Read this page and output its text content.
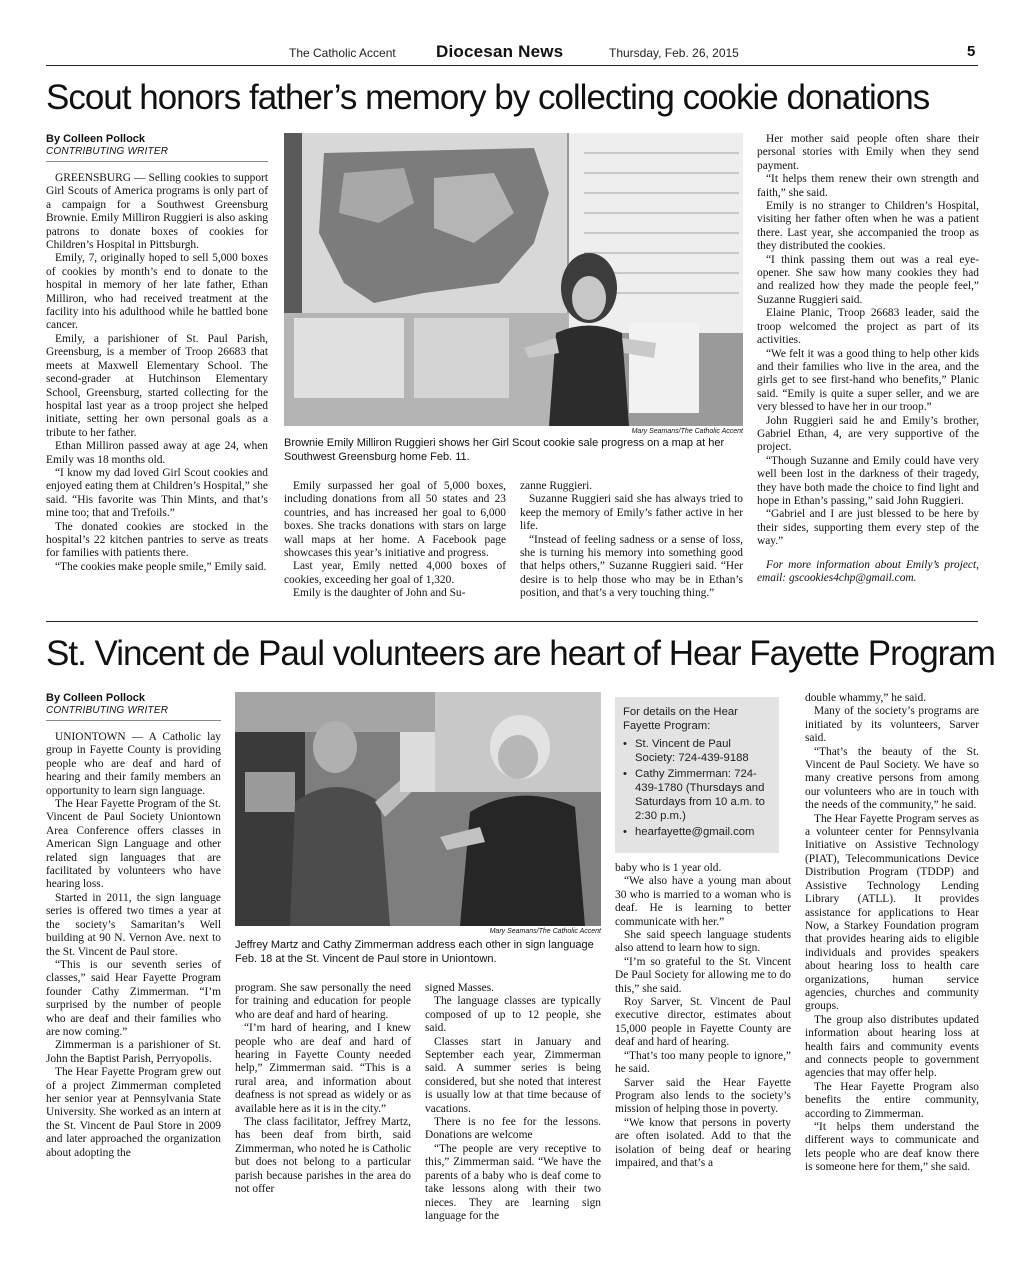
The Catholic Accent Diocesan News	Thursday, Feb. 26, 2015	5
Scout honors father’s memory by collecting cookie donations
By Colleen Pollock
CONTRIBUTING WRITER

GREENSBURG — Selling cookies to support Girl Scouts of America programs is only part of a campaign for a Southwest Greensburg Brownie. Emily Milliron Ruggieri is also asking patrons to donate boxes of cookies for Children’s Hospital in Pittsburgh.

Emily, 7, originally hoped to sell 5,000 boxes of cookies by month’s end to donate to the hospital in memory of her late father, Ethan Milliron, who had received treatment at the facility into his adulthood while he battled bone cancer.

Emily, a parishioner of St. Paul Parish, Greensburg, is a member of Troop 26683 that meets at Maxwell Elementary School. The second-grader at Hutchinson Elementary School, Greensburg, started collecting for the hospital last year as a troop project she helped initiate, setting her own personal goals as a tribute to her father.

Ethan Milliron passed away at age 24, when Emily was 18 months old.

“I know my dad loved Girl Scout cookies and enjoyed eating them at Children’s Hospital,” she said. “His favorite was Thin Mints, and that’s mine too; that and Trefoils.”

The donated cookies are stocked in the hospital’s 22 kitchen pantries to serve as treats for families with patients there.

“The cookies make people smile,” Emily said.

Mary Seamans/The Catholic Accent
Brownie Emily Milliron Ruggieri shows her Girl Scout cookie sale progress on a map at her Southwest Greensburg home Feb. 11.

Emily surpassed her goal of 5,000 boxes, including donations from all 50 states and 23 countries, and has increased her goal to 6,000 boxes. She tracks donations with stars on large wall maps at her home. A Facebook page showcases this year’s initiative and progress.

Last year, Emily netted 4,000 boxes of cookies, exceeding her goal of 1,320.

Emily is the daughter of John and Su-

zanne Ruggieri.

Suzanne Ruggieri said she has always tried to keep the memory of Emily’s father active in her life.

“Instead of feeling sadness or a sense of loss, she is turning his memory into something good that helps others,” Suzanne Ruggieri said. “Her desire is to help those who may be in Ethan’s position, and that’s a very touching thing.”

Her mother said people often share their personal stories with Emily when they send payment.

“It helps them renew their own strength and faith,” she said.

Emily is no stranger to Children’s Hospital, visiting her father often when he was a patient there. Last year, she accompanied the troop as they distributed the cookies.

“I think passing them out was a real eye-opener. She saw how many cookies they had and realized how they made the people feel,” Suzanne Ruggieri said.

Elaine Planic, Troop 26683 leader, said the troop welcomed the project as part of its activities.

“We felt it was a good thing to help other kids and their families who live in the area, and the girls get to see first-hand who benefits,” Planic said. “Emily is quite a super seller, and we are very blessed to have her in our troop.”

John Ruggieri said he and Emily’s brother, Gabriel Ethan, 4, are very supportive of the project.

“Though Suzanne and Emily could have very well been lost in the darkness of their tragedy, they have both made the choice to find light and hope in Ethan’s passing,” said John Ruggieri.

“Gabriel and I are just blessed to be here by their sides, supporting them every step of the way.”

For more information about Emily’s project, email: gscookies4chp@gmail.com.

St. Vincent de Paul volunteers are heart of Hear Fayette Program
By Colleen Pollock
CONTRIBUTING WRITER

UNIONTOWN — A Catholic lay group in Fayette County is providing people who are deaf and hard of hearing and their family members an opportunity to learn sign language.

The Hear Fayette Program of the St. Vincent de Paul Society Uniontown Area Conference offers classes in American Sign Language and other related sign languages that are facilitated by volunteers who have hearing loss.

Started in 2011, the sign language series is offered two times a year at the society’s Samaritan’s Well building at 90 N. Vernon Ave. next to the St. Vincent de Paul store.

“This is our seventh series of classes,” said Hear Fayette Program founder Cathy Zimmerman. “I’m surprised by the number of people who are deaf and their families who are now coming.”

Zimmerman is a parishioner of St. John the Baptist Parish, Perryopolis.

The Hear Fayette Program grew out of a project Zimmerman completed her senior year at Pennsylvania State University. She worked as an intern at the St. Vincent de Paul Store in 2009 and later approached the organization about adopting the

Mary Seamans/The Catholic Accent
Jeffrey Martz and Cathy Zimmerman address each other in sign language Feb. 18 at the St. Vincent de Paul store in Uniontown.

program. She saw personally the need for training and education for people who are deaf and hard of hearing.

“I’m hard of hearing, and I knew people who are deaf and hard of hearing in Fayette County needed help,” Zimmerman said. “This is a rural area, and information about deafness is not spread as widely or as available here as it is in the city.”

The class facilitator, Jeffrey Martz, has been deaf from birth, said Zimmerman, who noted he is Catholic but does not belong to a particular parish because parishes in the area do not offer

signed Masses.

The language classes are typically composed of up to 12 people, she said.

Classes start in January and September each year, Zimmerman said. A summer series is being considered, but she noted that interest is usually low at that time because of vacations.

There is no fee for the lessons. Donations are welcome

“The people are very receptive to this,” Zimmerman said. “We have the parents of a baby who is deaf come to take lessons along with their two nieces. They are learning sign language for the

For details on the Hear Fayette Program:
• St. Vincent de Paul Society: 724-439-9188
• Cathy Zimmerman: 724-439-1780 (Thursdays and Saturdays from 10 a.m. to 2:30 p.m.)
• hearfayette@gmail.com

baby who is 1 year old.

“We also have a young man about 30 who is married to a woman who is deaf. He is learning to better communicate with her.”

She said speech language students also attend to learn how to sign.

“I’m so grateful to the St. Vincent De Paul Society for allowing me to do this,” she said.

Roy Sarver, St. Vincent de Paul executive director, estimates about 15,000 people in Fayette County are deaf and hard of hearing.

“That’s too many people to ignore,” he said.

Sarver said the Hear Fayette Program also lends to the society’s mission of helping those in poverty.

“We know that persons in poverty are often isolated. Add to that the isolation of being deaf or hearing impaired, and that’s a

double whammy,” he said.

Many of the society’s programs are initiated by its volunteers, Sarver said.

“That’s the beauty of the St. Vincent de Paul Society. We have so many creative persons from among our volunteers who are in touch with the needs of the community,” he said.

The Hear Fayette Program serves as a volunteer center for Pennsylvania Initiative on Assistive Technology (PIAT), Telecommunications Device Distribution Program (TDDP) and Assistive Technology Lending Library (ATLL). It provides assistance for applications to Hear Now, a Starkey Foundation program that provides hearing aids to eligible individuals and provides speakers about hearing loss to health care organizations, human service agencies, churches and community groups.

The group also distributes updated information about hearing loss at health fairs and community events and connects people to government agencies that may offer help.

The Hear Fayette Program also benefits the entire community, according to Zimmerman.

“It helps them understand the different ways to communicate and lets people who are deaf know there is someone here for them,” she said.
